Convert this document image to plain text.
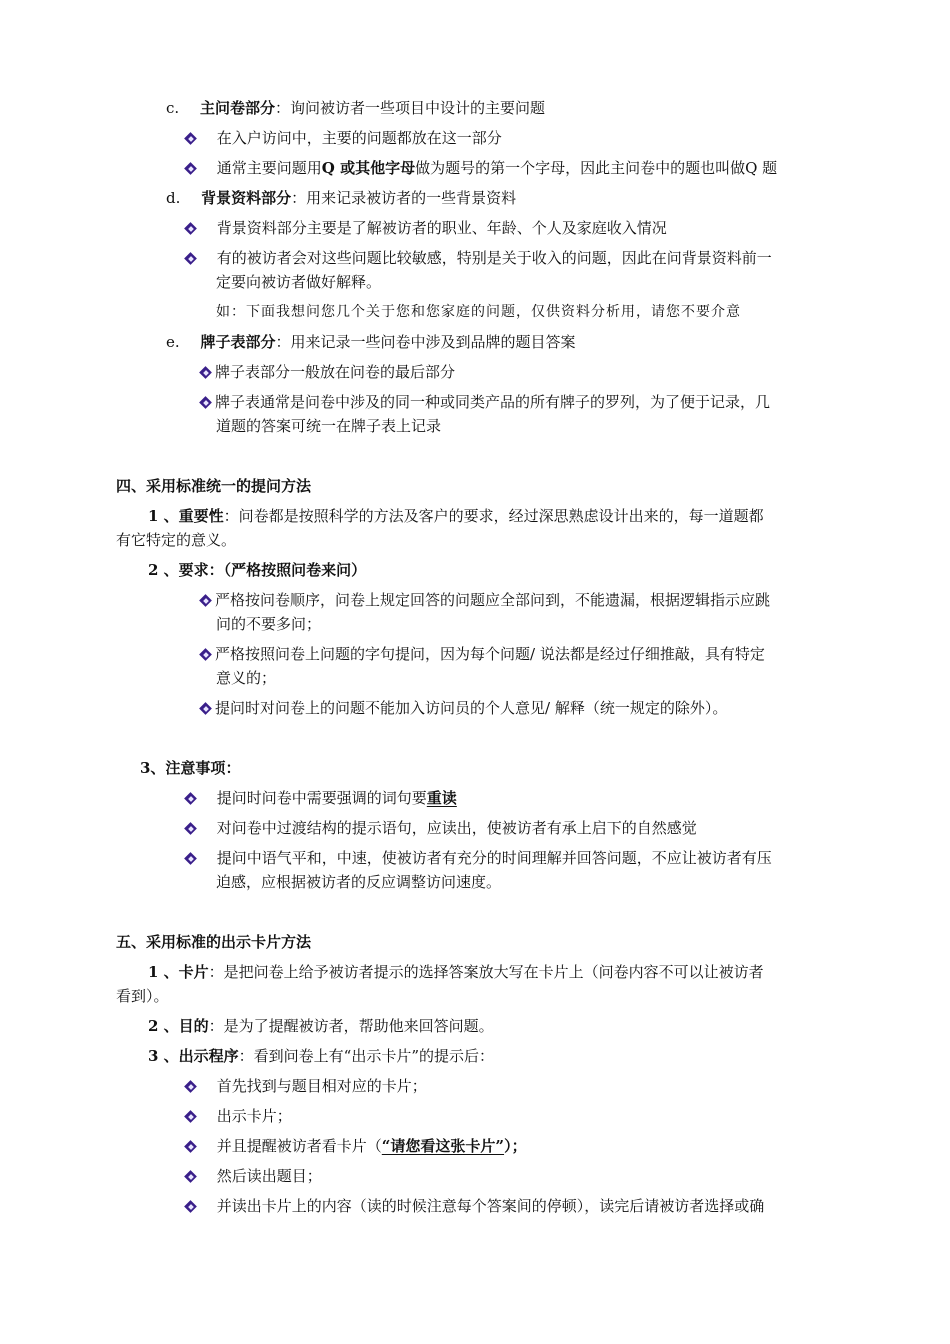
c. 主问卷部分：询问被访者一些项目中设计的主要问题
在入户访问中，主要的问题都放在这一部分
通常主要问题用Q 或其他字母做为题号的第一个字母，因此主问卷中的题也叫做Q 题
d. 背景资料部分：用来记录被访者的一些背景资料
背景资料部分主要是了解被访者的职业、年龄、个人及家庭收入情况
有的被访者会对这些问题比较敏感，特别是关于收入的问题，因此在问背景资料前一
定要向被访者做好解释。
如：下面我想问您几个关于您和您家庭的问题，仅供资料分析用，请您不要介意
e. 牌子表部分：用来记录一些问卷中涉及到品牌的题目答案
牌子表部分一般放在问卷的最后部分
牌子表通常是问卷中涉及的同一种或同类产品的所有牌子的罗列，为了便于记录，几
道题的答案可统一在牌子表上记录
四、采用标准统一的提问方法
1 、重要性：问卷都是按照科学的方法及客户的要求，经过深思熟虑设计出来的，每一道题都
有它特定的意义。
2 、要求：（严格按照问卷来问）
严格按问卷顺序，问卷上规定回答的问题应全部问到，不能遗漏，根据逻辑指示应跳
问的不要多问；
严格按照问卷上问题的字句提问，因为每个问题/ 说法都是经过仔细推敲，具有特定
意义的；
提问时对问卷上的问题不能加入访问员的个人意见/ 解释（统一规定的除外）。
3、注意事项：
提问时问卷中需要强调的词句要重读
对问卷中过渡结构的提示语句，应读出，使被访者有承上启下的自然感觉
提问中语气平和，中速，使被访者有充分的时间理解并回答问题，不应让被访者有压
迫感，应根据被访者的反应调整访问速度。
五、采用标准的出示卡片方法
1 、卡片：是把问卷上给予被访者提示的选择答案放大写在卡片上（问卷内容不可以让被访者
看到）。
2 、目的：是为了提醒被访者，帮助他来回答问题。
3 、出示程序：看到问卷上有“出示卡片”的提示后：
首先找到与题目相对应的卡片；
出示卡片；
并且提醒被访者看卡片（“请您看这张卡片”）；
然后读出题目；
并读出卡片上的内容（读的时候注意每个答案间的停顿），读完后请被访者选择或确
